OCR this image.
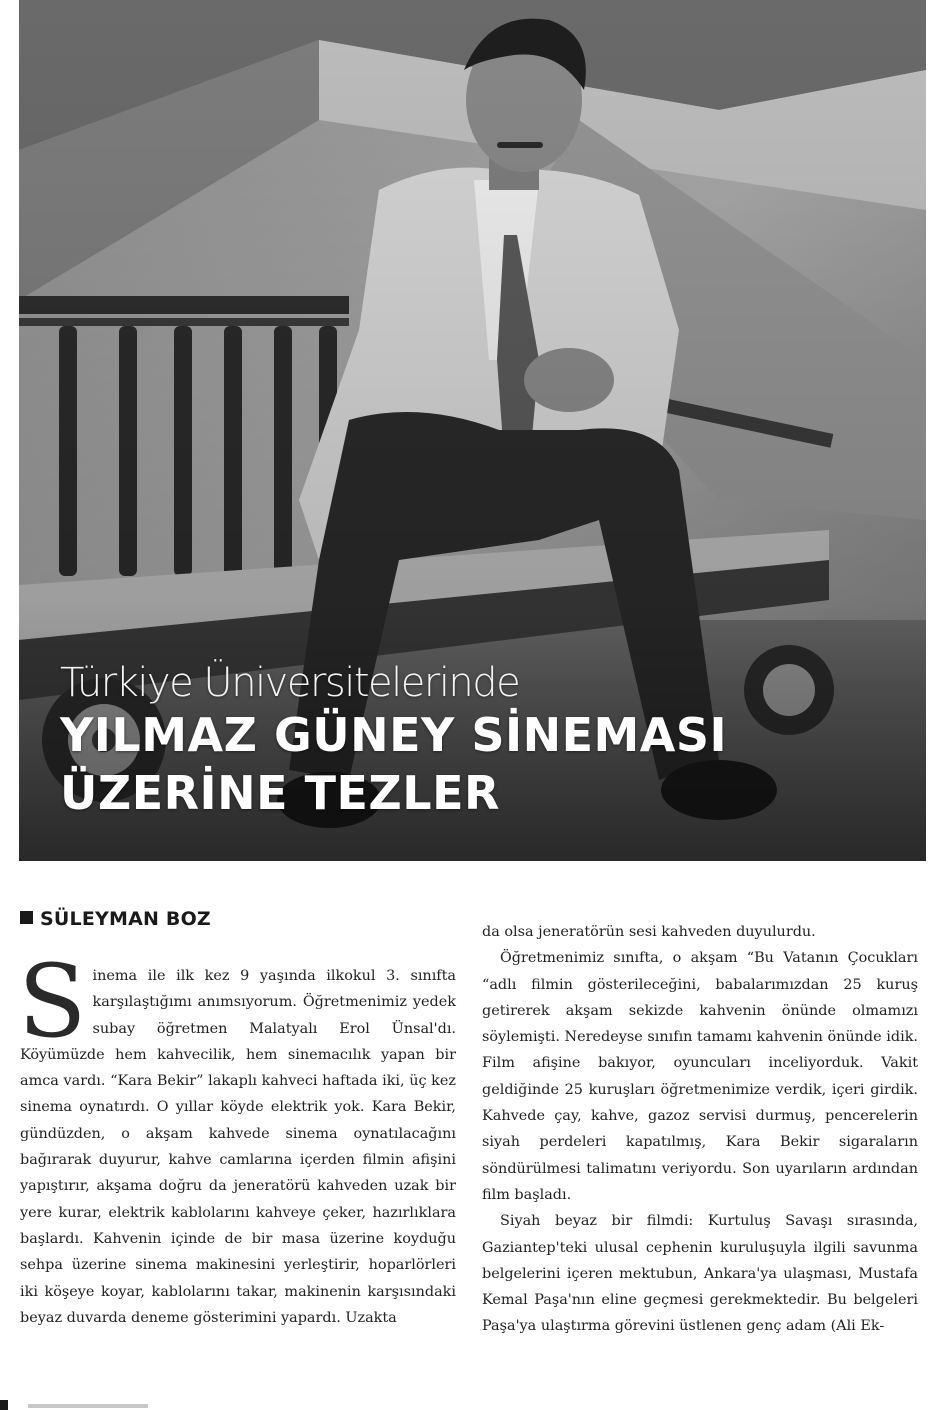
Türkiye Üniversitelerinde
YILMAZ GÜNEY SİNEMASI
ÜZERİNE TEZLER
SÜLEYMAN BOZ

Sinema ile ilk kez 9 yaşında ilkokul 3. sınıfta karşılaştığımı anımsıyorum. Öğretmenimiz yedek subay öğretmen Malatyalı Erol Ünsal'dı. Köyümüzde hem kahvecilik, hem sinemacılık yapan bir amca vardı. “Kara Bekir” lakaplı kahveci haftada iki, üç kez sinema oynatırdı. O yıllar köyde elektrik yok. Kara Bekir, gündüzden, o akşam kahvede sinema oynatılacağını bağırarak duyurur, kahve camlarına içerden filmin afişini yapıştırır, akşama doğru da jeneratörü kahveden uzak bir yere kurar, elektrik kablolarını kahveye çeker, hazırlıklara başlardı. Kahvenin içinde de bir masa üzerine koyduğu sehpa üzerine sinema makinesini yerleştirir, hoparlörleri iki köşeye koyar, kablolarını takar, makinenin karşısındaki beyaz duvarda deneme gösterimini yapardı. Uzakta

da olsa jeneratörün sesi kahveden duyulurdu.

Öğretmenimiz sınıfta, o akşam “Bu Vatanın Çocukları “adlı filmin gösterileceğini, babalarımızdan 25 kuruş getirerek akşam sekizde kahvenin önünde olmamızı söylemişti. Neredeyse sınıfın tamamı kahvenin önünde idik. Film afişine bakıyor, oyuncuları inceliyorduk. Vakit geldiğinde 25 kuruşları öğretmenimize verdik, içeri girdik. Kahvede çay, kahve, gazoz servisi durmuş, pencerelerin siyah perdeleri kapatılmış, Kara Bekir sigaraların söndürülmesi talimatını veriyordu. Son uyarıların ardından film başladı.

Siyah beyaz bir filmdi: Kurtuluş Savaşı sırasında, Gaziantep'teki ulusal cephenin kuruluşuyla ilgili savunma belgelerini içeren mektubun, Ankara'ya ulaşması, Mustafa Kemal Paşa'nın eline geçmesi gerekmektedir. Bu belgeleri Paşa'ya ulaştırma görevini üstlenen genç adam (Ali Ek-
